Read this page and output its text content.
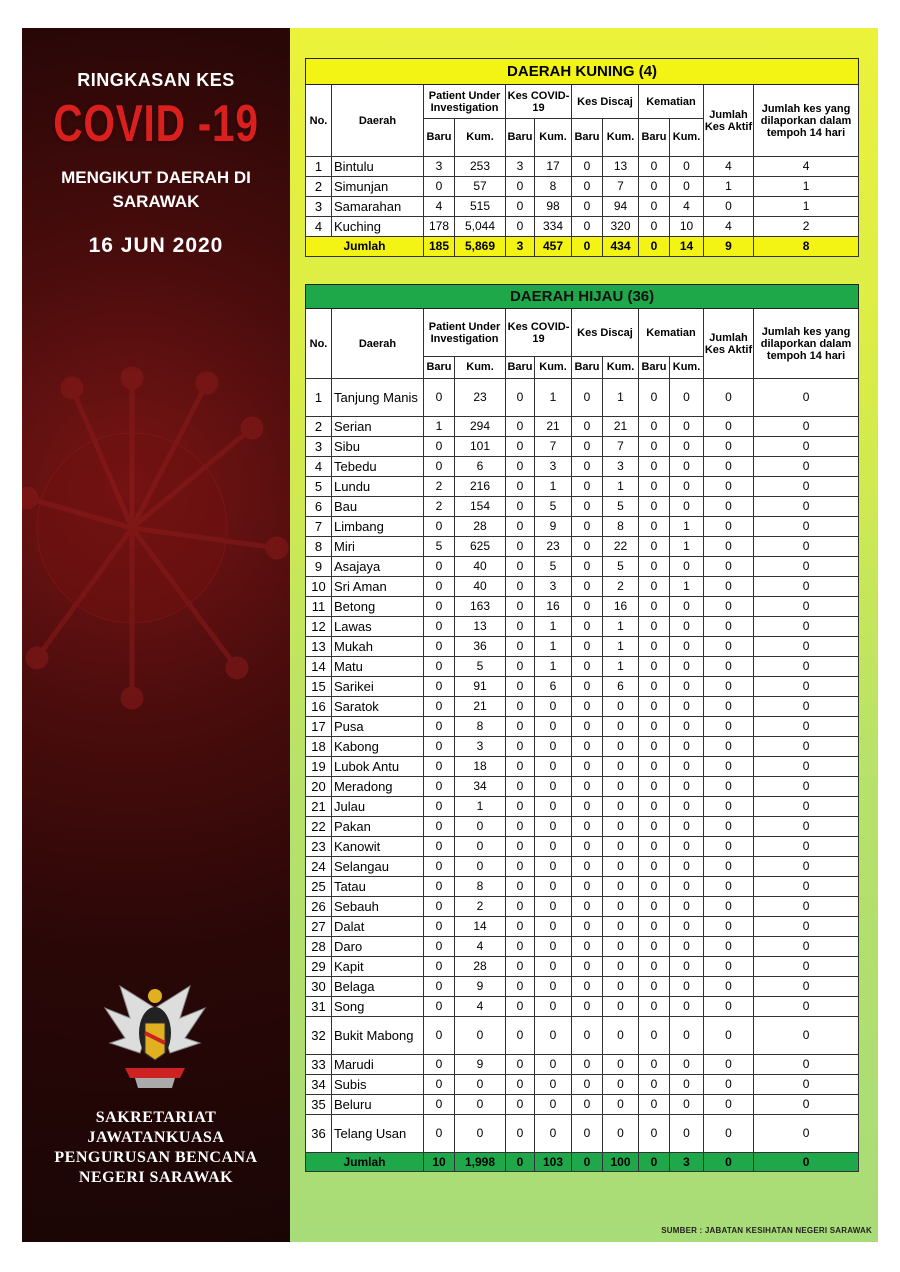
RINGKASAN KES
COVID -19
MENGIKUT DAERAH DI SARAWAK
16 JUN 2020
SAKRETARIAT
JAWATANKUASA
PENGURUSAN BENCANA
NEGERI SARAWAK
DAERAH KUNING (4)											
No.	Daerah	Patient Under Investigation		Kes COVID-19		Kes Discaj		Kematian		Jumlah Kes Aktif	Jumlah kes yang dilaporkan dalam tempoh 14 hari
		Baru	Kum.	Baru	Kum.	Baru	Kum.	Baru	Kum.		
1	Bintulu	3	253	3	17	0	13	0	0	4	4
2	Simunjan	0	57	0	8	0	7	0	0	1	1
3	Samarahan	4	515	0	98	0	94	0	4	0	1
4	Kuching	178	5,044	0	334	0	320	0	10	4	2
Jumlah		185	5,869	3	457	0	434	0	14	9	8
DAERAH HIJAU (36)											
No.	Daerah	Patient Under Investigation		Kes COVID-19		Kes Discaj		Kematian		Jumlah Kes Aktif	Jumlah kes yang dilaporkan dalam tempoh 14 hari
		Baru	Kum.	Baru	Kum.	Baru	Kum.	Baru	Kum.		
1	Tanjung Manis	0	23	0	1	0	1	0	0	0	0
2	Serian	1	294	0	21	0	21	0	0	0	0
3	Sibu	0	101	0	7	0	7	0	0	0	0
4	Tebedu	0	6	0	3	0	3	0	0	0	0
5	Lundu	2	216	0	1	0	1	0	0	0	0
6	Bau	2	154	0	5	0	5	0	0	0	0
7	Limbang	0	28	0	9	0	8	0	1	0	0
8	Miri	5	625	0	23	0	22	0	1	0	0
9	Asajaya	0	40	0	5	0	5	0	0	0	0
10	Sri Aman	0	40	0	3	0	2	0	1	0	0
11	Betong	0	163	0	16	0	16	0	0	0	0
12	Lawas	0	13	0	1	0	1	0	0	0	0
13	Mukah	0	36	0	1	0	1	0	0	0	0
14	Matu	0	5	0	1	0	1	0	0	0	0
15	Sarikei	0	91	0	6	0	6	0	0	0	0
16	Saratok	0	21	0	0	0	0	0	0	0	0
17	Pusa	0	8	0	0	0	0	0	0	0	0
18	Kabong	0	3	0	0	0	0	0	0	0	0
19	Lubok Antu	0	18	0	0	0	0	0	0	0	0
20	Meradong	0	34	0	0	0	0	0	0	0	0
21	Julau	0	1	0	0	0	0	0	0	0	0
22	Pakan	0	0	0	0	0	0	0	0	0	0
23	Kanowit	0	0	0	0	0	0	0	0	0	0
24	Selangau	0	0	0	0	0	0	0	0	0	0
25	Tatau	0	8	0	0	0	0	0	0	0	0
26	Sebauh	0	2	0	0	0	0	0	0	0	0
27	Dalat	0	14	0	0	0	0	0	0	0	0
28	Daro	0	4	0	0	0	0	0	0	0	0
29	Kapit	0	28	0	0	0	0	0	0	0	0
30	Belaga	0	9	0	0	0	0	0	0	0	0
31	Song	0	4	0	0	0	0	0	0	0	0
32	Bukit Mabong	0	0	0	0	0	0	0	0	0	0
33	Marudi	0	9	0	0	0	0	0	0	0	0
34	Subis	0	0	0	0	0	0	0	0	0	0
35	Beluru	0	0	0	0	0	0	0	0	0	0
36	Telang Usan	0	0	0	0	0	0	0	0	0	0
Jumlah		10	1,998	0	103	0	100	0	3	0	0
SUMBER : JABATAN KESIHATAN NEGERI SARAWAK
